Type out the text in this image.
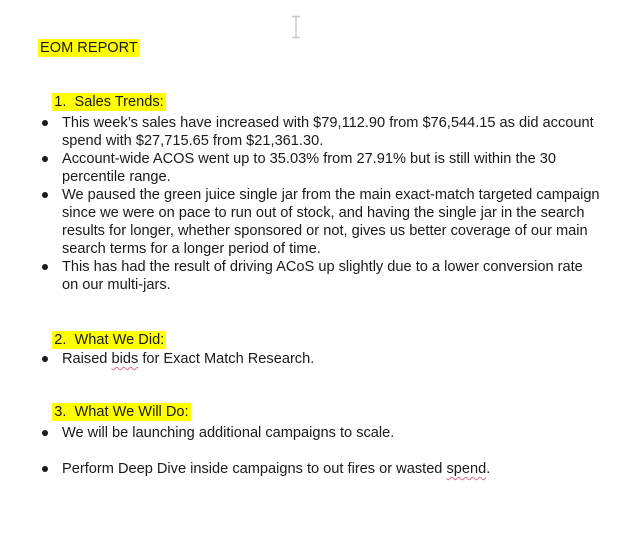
EOM REPORT

1.  Sales Trends:

This week’s sales have increased with $79,112.90 from $76,544.15 as did account spend with $27,715.65 from $21,361.30.
Account-wide ACOS went up to 35.03% from 27.91% but is still within the 30 percentile range.
We paused the green juice single jar from the main exact-match targeted campaign since we were on pace to run out of stock, and having the single jar in the search results for longer, whether sponsored or not, gives us better coverage of our main search terms for a longer period of time.
This has had the result of driving ACoS up slightly due to a lower conversion rate on our multi-jars.

2.  What We Did:

Raised bids for Exact Match Research.

3.  What We Will Do:

We will be launching additional campaigns to scale.
Perform Deep Dive inside campaigns to out fires or wasted spend.
